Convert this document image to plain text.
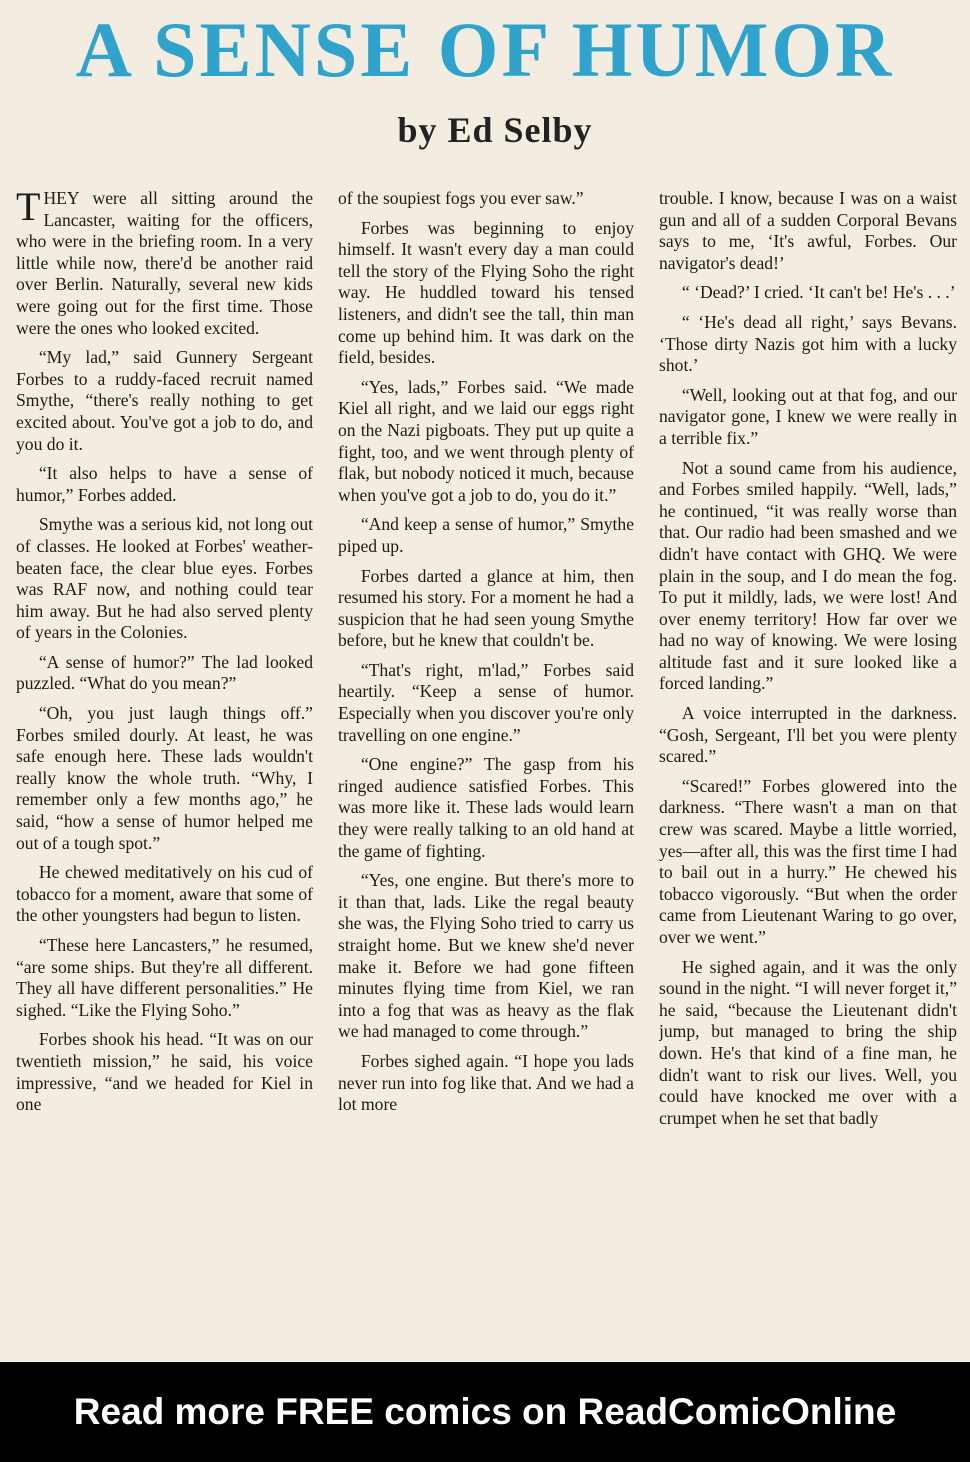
A SENSE OF HUMOR
by Ed Selby

THEY were all sitting around the Lancaster, waiting for the officers, who were in the briefing room. In a very little while now, there'd be another raid over Berlin. Naturally, several new kids were going out for the first time. Those were the ones who looked excited.

“My lad,” said Gunnery Sergeant Forbes to a ruddy-faced recruit named Smythe, “there's really nothing to get excited about. You've got a job to do, and you do it.

“It also helps to have a sense of humor,” Forbes added.

Smythe was a serious kid, not long out of classes. He looked at Forbes' weather-beaten face, the clear blue eyes. Forbes was RAF now, and nothing could tear him away. But he had also served plenty of years in the Colonies.

“A sense of humor?” The lad looked puzzled. “What do you mean?”

“Oh, you just laugh things off.” Forbes smiled dourly. At least, he was safe enough here. These lads wouldn't really know the whole truth. “Why, I remember only a few months ago,” he said, “how a sense of humor helped me out of a tough spot.”

He chewed meditatively on his cud of tobacco for a moment, aware that some of the other youngsters had begun to listen.

“These here Lancasters,” he resumed, “are some ships. But they're all different. They all have different personalities.” He sighed. “Like the Flying Soho.”

Forbes shook his head. “It was on our twentieth mission,” he said, his voice impressive, “and we headed for Kiel in one

of the soupiest fogs you ever saw.”

Forbes was beginning to enjoy himself. It wasn't every day a man could tell the story of the Flying Soho the right way. He huddled toward his tensed listeners, and didn't see the tall, thin man come up behind him. It was dark on the field, besides.

“Yes, lads,” Forbes said. “We made Kiel all right, and we laid our eggs right on the Nazi pigboats. They put up quite a fight, too, and we went through plenty of flak, but nobody noticed it much, because when you've got a job to do, you do it.”

“And keep a sense of humor,” Smythe piped up.

Forbes darted a glance at him, then resumed his story. For a moment he had a suspicion that he had seen young Smythe before, but he knew that couldn't be.

“That's right, m'lad,” Forbes said heartily. “Keep a sense of humor. Especially when you discover you're only travelling on one engine.”

“One engine?” The gasp from his ringed audience satisfied Forbes. This was more like it. These lads would learn they were really talking to an old hand at the game of fighting.

“Yes, one engine. But there's more to it than that, lads. Like the regal beauty she was, the Flying Soho tried to carry us straight home. But we knew she'd never make it. Before we had gone fifteen minutes flying time from Kiel, we ran into a fog that was as heavy as the flak we had managed to come through.”

Forbes sighed again. “I hope you lads never run into fog like that. And we had a lot more

trouble. I know, because I was on a waist gun and all of a sudden Corporal Bevans says to me, ‘It's awful, Forbes. Our navigator's dead!’

“ ‘Dead?’ I cried. ‘It can't be! He's . . .’

“ ‘He's dead all right,’ says Bevans. ‘Those dirty Nazis got him with a lucky shot.’

“Well, looking out at that fog, and our navigator gone, I knew we were really in a terrible fix.”

Not a sound came from his audience, and Forbes smiled happily. “Well, lads,” he continued, “it was really worse than that. Our radio had been smashed and we didn't have contact with GHQ. We were plain in the soup, and I do mean the fog. To put it mildly, lads, we were lost! And over enemy territory! How far over we had no way of knowing. We were losing altitude fast and it sure looked like a forced landing.”

A voice interrupted in the darkness. “Gosh, Sergeant, I'll bet you were plenty scared.”

“Scared!” Forbes glowered into the darkness. “There wasn't a man on that crew was scared. Maybe a little worried, yes—after all, this was the first time I had to bail out in a hurry.” He chewed his tobacco vigorously. “But when the order came from Lieutenant Waring to go over, over we went.”

He sighed again, and it was the only sound in the night. “I will never forget it,” he said, “because the Lieutenant didn't jump, but managed to bring the ship down. He's that kind of a fine man, he didn't want to risk our lives. Well, you could have knocked me over with a crumpet when he set that badly

Read more FREE comics on ReadComicOnline
